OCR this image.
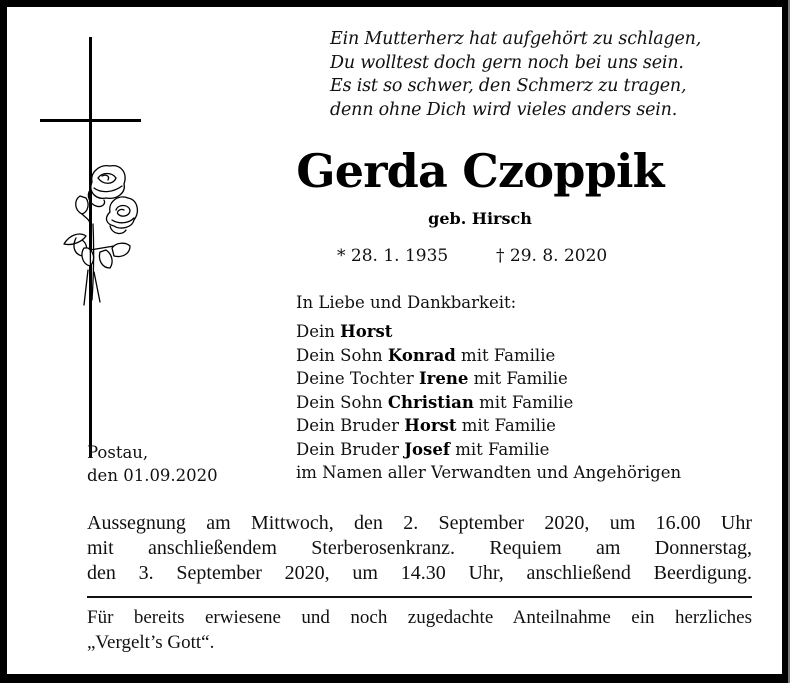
Ein Mutterherz hat aufgehört zu schlagen,
Du wolltest doch gern noch bei uns sein.
Es ist so schwer, den Schmerz zu tragen,
denn ohne Dich wird vieles anders sein.
Gerda Czoppik
geb. Hirsch
* 28. 1. 1935	† 29. 8. 2020
In Liebe und Dankbarkeit:
Dein Horst
Dein Sohn Konrad mit Familie
Deine Tochter Irene mit Familie
Dein Sohn Christian mit Familie
Dein Bruder Horst mit Familie
Dein Bruder Josef mit Familie
im Namen aller Verwandten und Angehörigen
Postau,
den 01.09.2020
Aussegnung am Mittwoch, den 2. September 2020, um 16.00 Uhr
mit anschließendem Sterberosenkranz. Requiem am Donnerstag,
den 3. September 2020, um 14.30 Uhr, anschließend Beerdigung.
Für bereits erwiesene und noch zugedachte Anteilnahme ein herzliches
„Vergelt’s Gott“.
